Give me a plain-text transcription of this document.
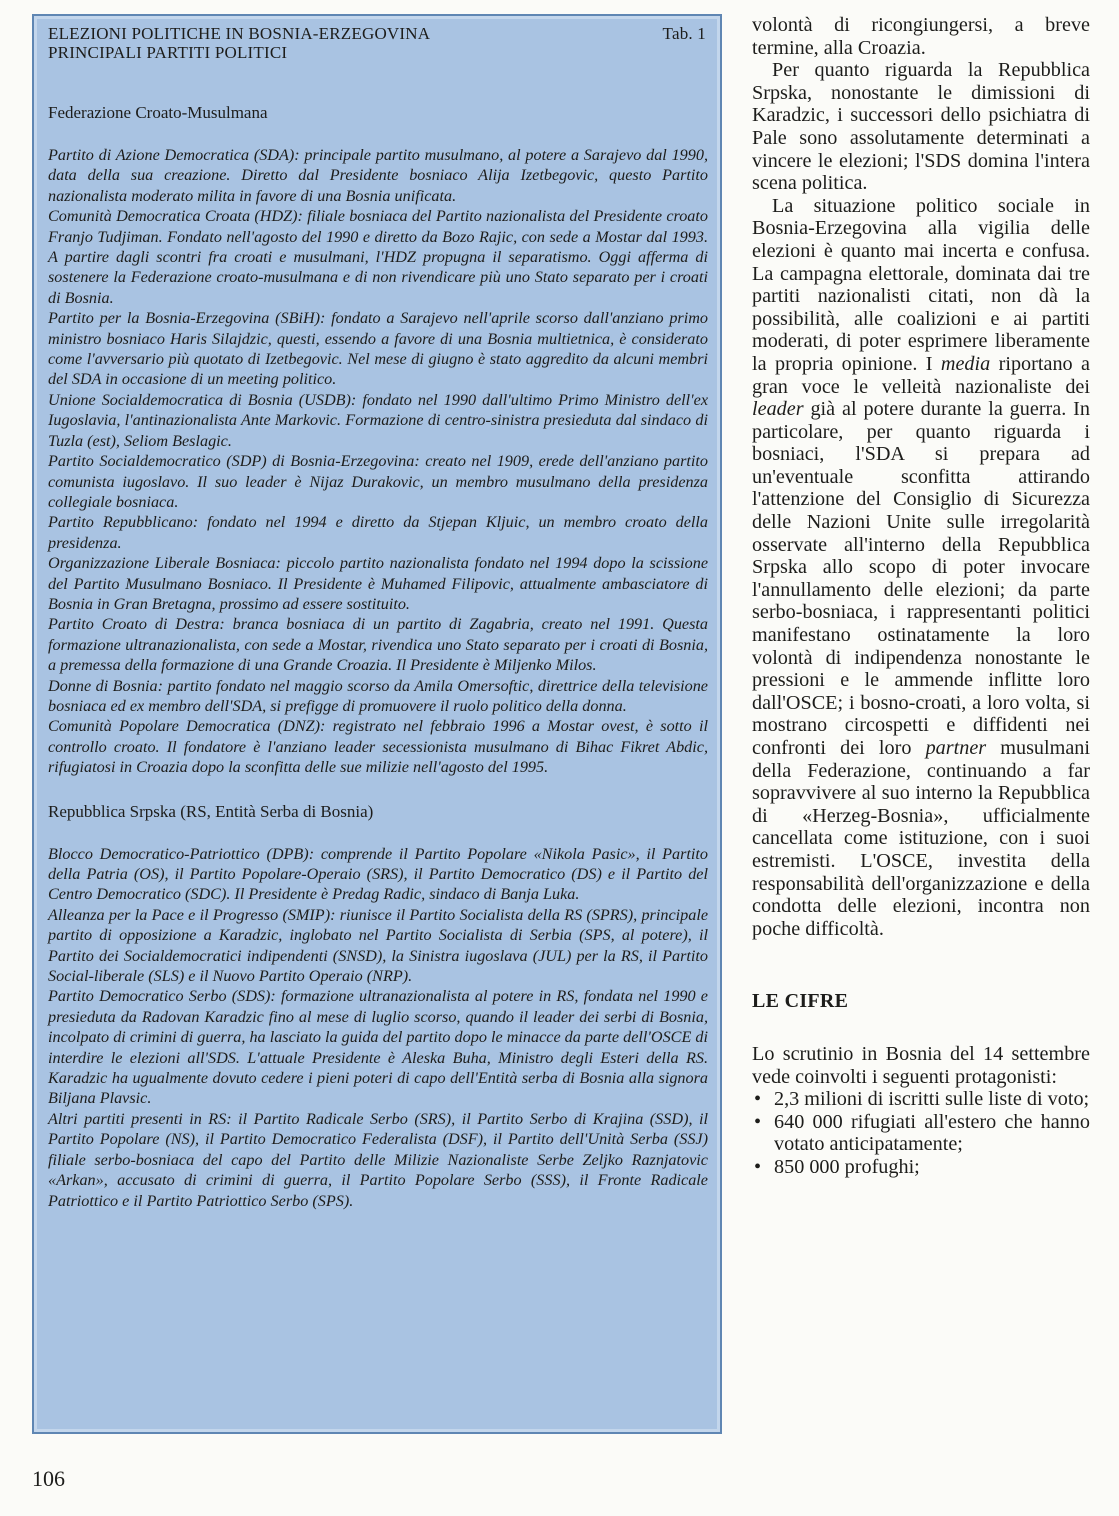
ELEZIONI POLITICHE IN BOSNIA-ERZEGOVINA
PRINCIPALI PARTITI POLITICI
Tab. 1
Federazione Croato-Musulmana

Partito di Azione Democratica (SDA): principale partito musulmano, al potere a Sarajevo dal 1990, data della sua creazione. Diretto dal Presidente bosniaco Alija Izetbegovic, questo Partito nazionalista moderato milita in favore di una Bosnia unificata.

Comunità Democratica Croata (HDZ): filiale bosniaca del Partito nazionalista del Presidente croato Franjo Tudjiman. Fondato nell'agosto del 1990 e diretto da Bozo Rajic, con sede a Mostar dal 1993. A partire dagli scontri fra croati e musulmani, l'HDZ propugna il separatismo. Oggi afferma di sostenere la Federazione croato-musulmana e di non rivendicare più uno Stato separato per i croati di Bosnia.

Partito per la Bosnia-Erzegovina (SBiH): fondato a Sarajevo nell'aprile scorso dall'anziano primo ministro bosniaco Haris Silajdzic, questi, essendo a favore di una Bosnia multietnica, è considerato come l'avversario più quotato di Izetbegovic. Nel mese di giugno è stato aggredito da alcuni membri del SDA in occasione di un meeting politico.

Unione Socialdemocratica di Bosnia (USDB): fondato nel 1990 dall'ultimo Primo Ministro dell'ex Iugoslavia, l'antinazionalista Ante Markovic. Formazione di centro-sinistra presieduta dal sindaco di Tuzla (est), Seliom Beslagic.

Partito Socialdemocratico (SDP) di Bosnia-Erzegovina: creato nel 1909, erede dell'anziano partito comunista iugoslavo. Il suo leader è Nijaz Durakovic, un membro musulmano della presidenza collegiale bosniaca.

Partito Repubblicano: fondato nel 1994 e diretto da Stjepan Kljuic, un membro croato della presidenza.

Organizzazione Liberale Bosniaca: piccolo partito nazionalista fondato nel 1994 dopo la scissione del Partito Musulmano Bosniaco. Il Presidente è Muhamed Filipovic, attualmente ambasciatore di Bosnia in Gran Bretagna, prossimo ad essere sostituito.

Partito Croato di Destra: branca bosniaca di un partito di Zagabria, creato nel 1991. Questa formazione ultranazionalista, con sede a Mostar, rivendica uno Stato separato per i croati di Bosnia, a premessa della formazione di una Grande Croazia. Il Presidente è Miljenko Milos.

Donne di Bosnia: partito fondato nel maggio scorso da Amila Omersoftic, direttrice della televisione bosniaca ed ex membro dell'SDA, si prefigge di promuovere il ruolo politico della donna.

Comunità Popolare Democratica (DNZ): registrato nel febbraio 1996 a Mostar ovest, è sotto il controllo croato. Il fondatore è l'anziano leader secessionista musulmano di Bihac Fikret Abdic, rifugiatosi in Croazia dopo la sconfitta delle sue milizie nell'agosto del 1995.

Repubblica Srpska (RS, Entità Serba di Bosnia)

Blocco Democratico-Patriottico (DPB): comprende il Partito Popolare «Nikola Pasic», il Partito della Patria (OS), il Partito Popolare-Operaio (SRS), il Partito Democratico (DS) e il Partito del Centro Democratico (SDC). Il Presidente è Predag Radic, sindaco di Banja Luka.

Alleanza per la Pace e il Progresso (SMIP): riunisce il Partito Socialista della RS (SPRS), principale partito di opposizione a Karadzic, inglobato nel Partito Socialista di Serbia (SPS, al potere), il Partito dei Socialdemocratici indipendenti (SNSD), la Sinistra iugoslava (JUL) per la RS, il Partito Social-liberale (SLS) e il Nuovo Partito Operaio (NRP).

Partito Democratico Serbo (SDS): formazione ultranazionalista al potere in RS, fondata nel 1990 e presieduta da Radovan Karadzic fino al mese di luglio scorso, quando il leader dei serbi di Bosnia, incolpato di crimini di guerra, ha lasciato la guida del partito dopo le minacce da parte dell'OSCE di interdire le elezioni all'SDS. L'attuale Presidente è Aleska Buha, Ministro degli Esteri della RS. Karadzic ha ugualmente dovuto cedere i pieni poteri di capo dell'Entità serba di Bosnia alla signora Biljana Plavsic.

Altri partiti presenti in RS: il Partito Radicale Serbo (SRS), il Partito Serbo di Krajina (SSD), il Partito Popolare (NS), il Partito Democratico Federalista (DSF), il Partito dell'Unità Serba (SSJ) filiale serbo-bosniaca del capo del Partito delle Milizie Nazionaliste Serbe Zeljko Raznjatovic «Arkan», accusato di crimini di guerra, il Partito Popolare Serbo (SSS), il Fronte Radicale Patriottico e il Partito Patriottico Serbo (SPS).

volontà di ricongiungersi, a breve termine, alla Croazia.

Per quanto riguarda la Repubblica Srpska, nonostante le dimissioni di Karadzic, i successori dello psichiatra di Pale sono assolutamente determinati a vincere le elezioni; l'SDS domina l'intera scena politica.

La situazione politico sociale in Bosnia-Erzegovina alla vigilia delle elezioni è quanto mai incerta e confusa. La campagna elettorale, dominata dai tre partiti nazionalisti citati, non dà la possibilità, alle coalizioni e ai partiti moderati, di poter esprimere liberamente la propria opinione. I media riportano a gran voce le velleità nazionaliste dei leader già al potere durante la guerra. In particolare, per quanto riguarda i bosniaci, l'SDA si prepara ad un'eventuale sconfitta attirando l'attenzione del Consiglio di Sicurezza delle Nazioni Unite sulle irregolarità osservate all'interno della Repubblica Srpska allo scopo di poter invocare l'annullamento delle elezioni; da parte serbo-bosniaca, i rappresentanti politici manifestano ostinatamente la loro volontà di indipendenza nonostante le pressioni e le ammende inflitte loro dall'OSCE; i bosno-croati, a loro volta, si mostrano circospetti e diffidenti nei confronti dei loro partner musulmani della Federazione, continuando a far sopravvivere al suo interno la Repubblica di «Herzeg-Bosnia», ufficialmente cancellata come istituzione, con i suoi estremisti. L'OSCE, investita della responsabilità dell'organizzazione e della condotta delle elezioni, incontra non poche difficoltà.

LE CIFRE

Lo scrutinio in Bosnia del 14 settembre vede coinvolti i seguenti protagonisti:

• 2,3 milioni di iscritti sulle liste di voto;
• 640 000 rifugiati all'estero che hanno votato anticipatamente;
• 850 000 profughi;
106
